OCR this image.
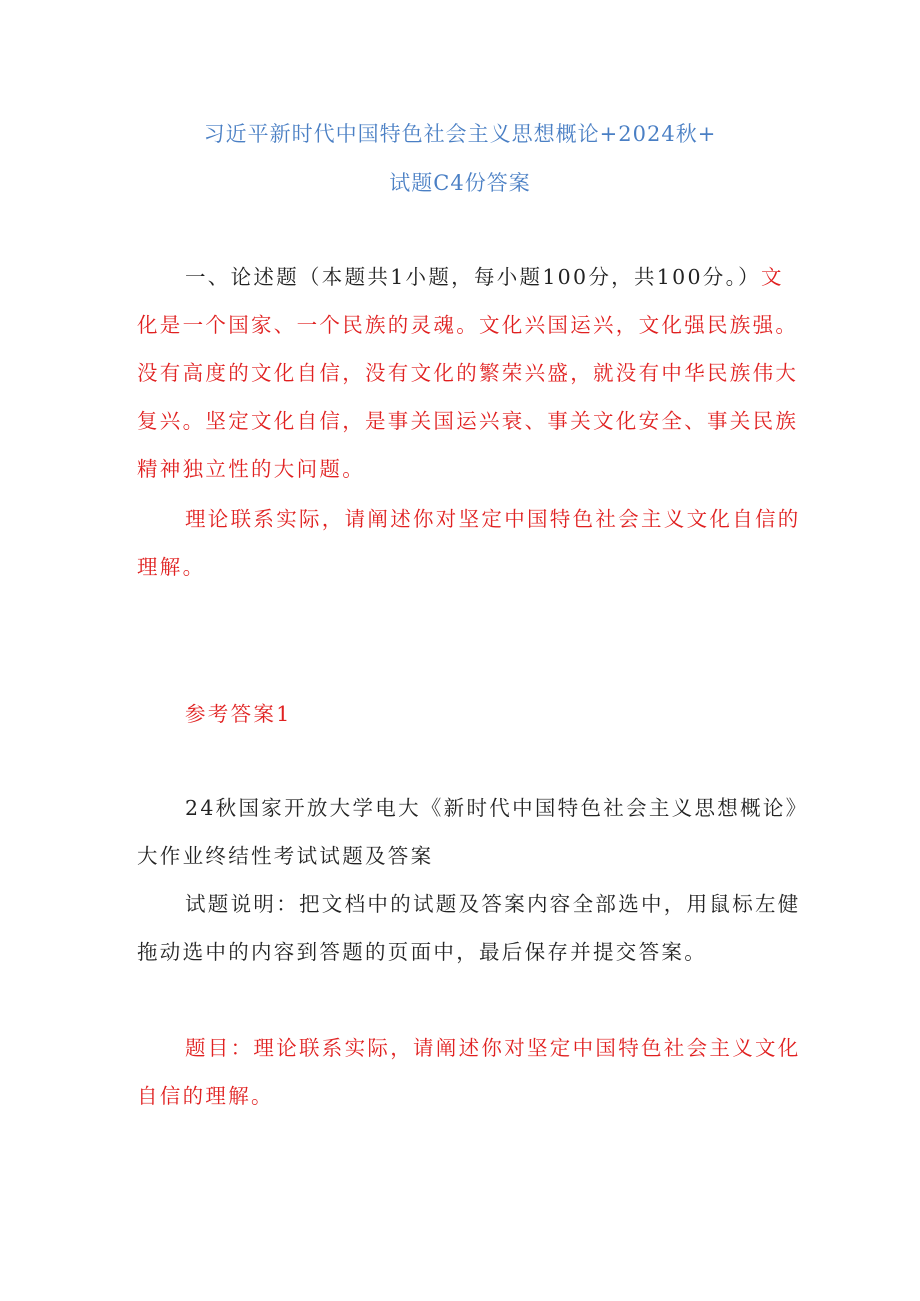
习近平新时代中国特色社会主义思想概论+2024秋+
试题C4份答案

一、论述题（本题共1小题，每小题100分，共100分。）文化是一个国家、一个民族的灵魂。文化兴国运兴，文化强民族强。没有高度的文化自信，没有文化的繁荣兴盛，就没有中华民族伟大复兴。坚定文化自信，是事关国运兴衰、事关文化安全、事关民族精神独立性的大问题。

理论联系实际，请阐述你对坚定中国特色社会主义文化自信的理解。

参考答案1

24秋国家开放大学电大《新时代中国特色社会主义思想概论》大作业终结性考试试题及答案

试题说明：把文档中的试题及答案内容全部选中，用鼠标左健拖动选中的内容到答题的页面中，最后保存并提交答案。

题目：理论联系实际，请阐述你对坚定中国特色社会主义文化自信的理解。
